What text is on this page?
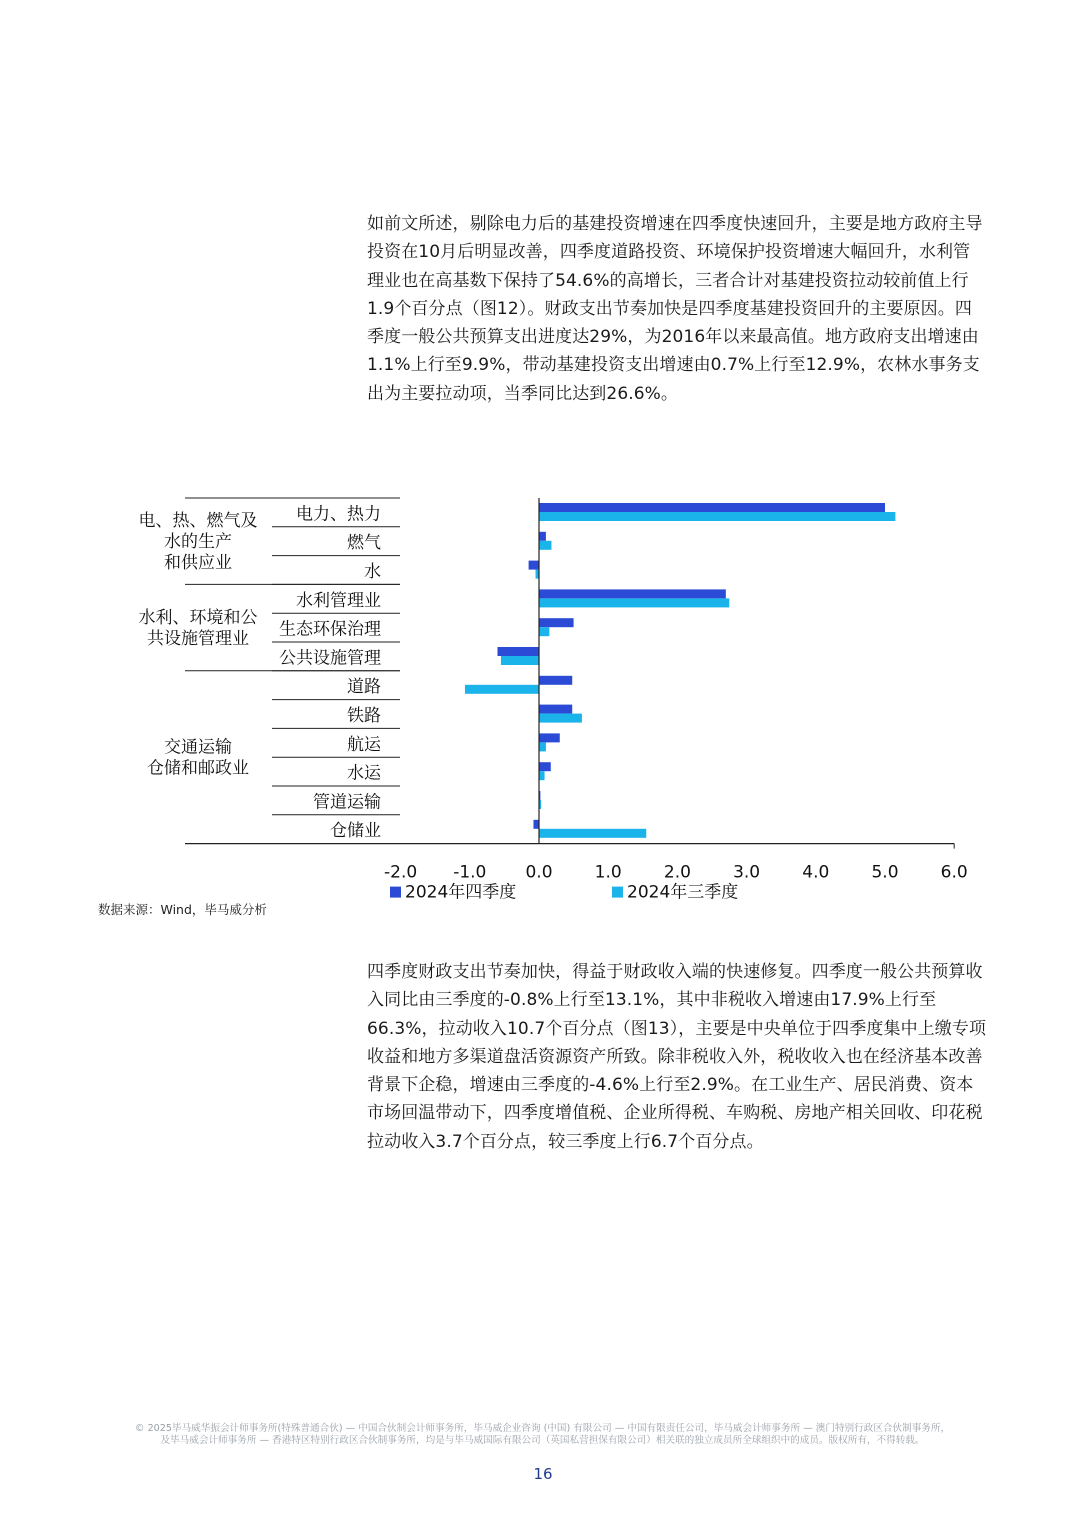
如前文所述，剔除电力后的基建投资增速在四季度快速回升，主要是地方政府主导投资在10月后明显改善，四季度道路投资、环境保护投资增速大幅回升，水利管理业也在高基数下保持了54.6%的高增长，三者合计对基建投资拉动较前值上行1.9个百分点（图12）。财政支出节奏加快是四季度基建投资回升的主要原因。四季度一般公共预算支出进度达29%，为2016年以来最高值。地方政府支出增速由1.1%上行至9.9%，带动基建投资支出增速由0.7%上行至12.9%，农林水事务支出为主要拉动项，当季同比达到26.6%。

电、热、燃气及水的生产和供应业
水利、环境和公共设施管理业
交通运输仓储和邮政业
电力、热力
燃气
水
水利管理业
生态环保治理
公共设施管理
道路
铁路
航运
水运
管道运输
仓储业
-2.0 -1.0 0.0 1.0 2.0 3.0 4.0 5.0 6.0
2024年四季度	2024年三季度
数据来源：Wind，毕马威分析

四季度财政支出节奏加快，得益于财政收入端的快速修复。四季度一般公共预算收入同比由三季度的-0.8%上行至13.1%，其中非税收入增速由17.9%上行至66.3%，拉动收入10.7个百分点（图13），主要是中央单位于四季度集中上缴专项收益和地方多渠道盘活资源资产所致。除非税收入外，税收收入也在经济基本改善背景下企稳，增速由三季度的-4.6%上行至2.9%。在工业生产、居民消费、资本市场回温带动下，四季度增值税、企业所得税、车购税、房地产相关回收、印花税拉动收入3.7个百分点，较三季度上行6.7个百分点。

© 2025毕马威华振会计师事务所(特殊普通合伙) — 中国合伙制会计师事务所，毕马威企业咨询 (中国) 有限公司 — 中国有限责任公司，毕马威会计师事务所 — 澳门特别行政区合伙制事务所，

及毕马威会计师事务所 — 香港特区特别行政区合伙制事务所，均是与毕马威国际有限公司（英国私营担保有限公司）相关联的独立成员所全球组织中的成员。版权所有，不得转载。

16
